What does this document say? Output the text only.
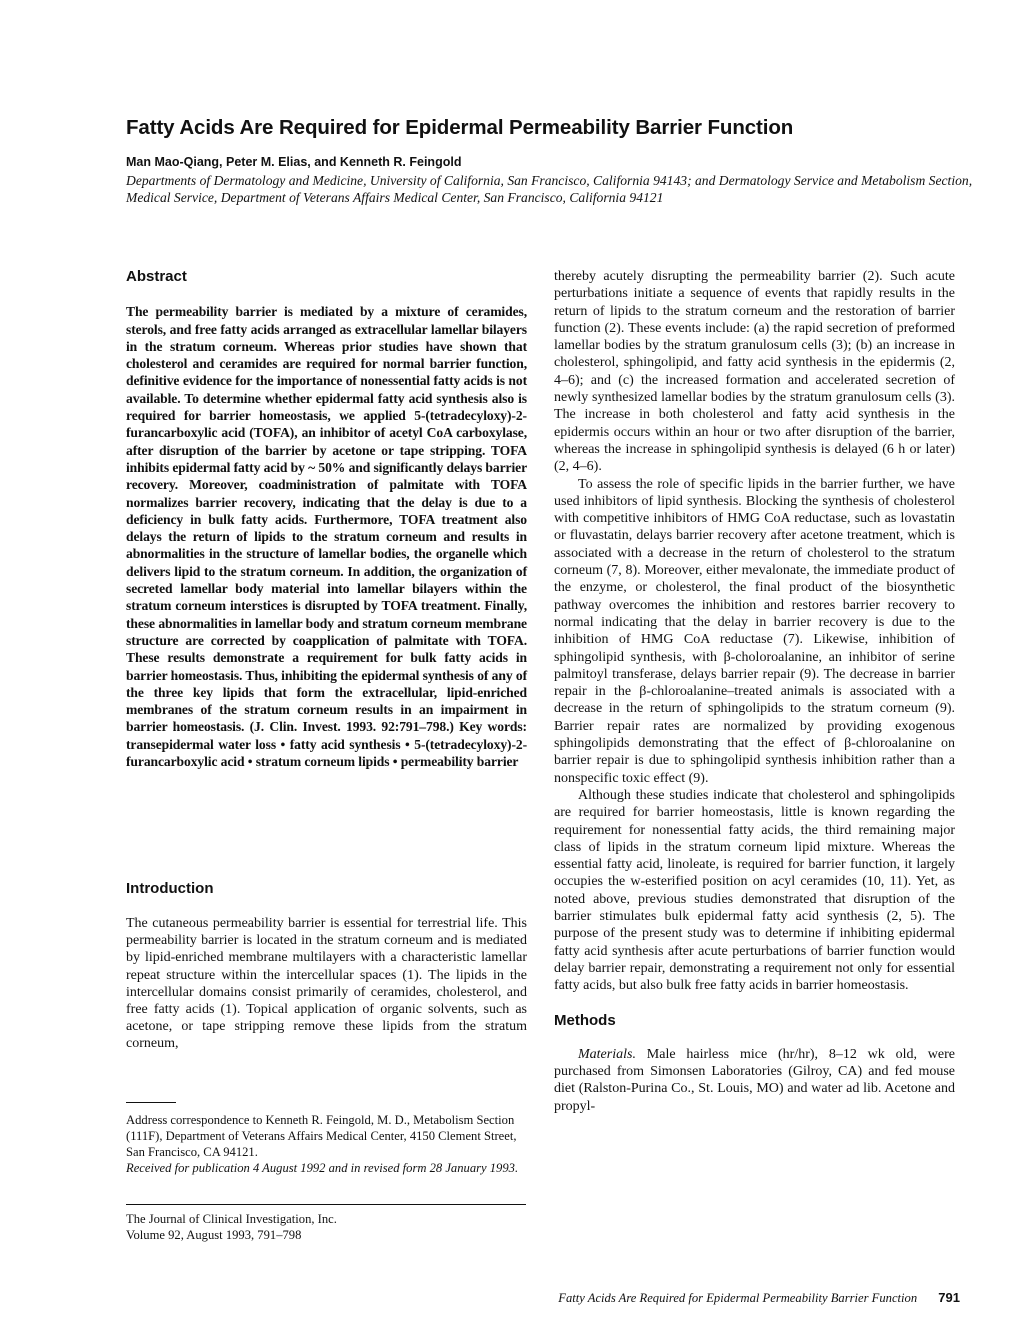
Fatty Acids Are Required for Epidermal Permeability Barrier Function
Man Mao-Qiang, Peter M. Elias, and Kenneth R. Feingold
Departments of Dermatology and Medicine, University of California, San Francisco, California 94143; and Dermatology Service and Metabolism Section, Medical Service, Department of Veterans Affairs Medical Center, San Francisco, California 94121
Abstract

The permeability barrier is mediated by a mixture of ceramides, sterols, and free fatty acids arranged as extracellular lamellar bilayers in the stratum corneum. Whereas prior studies have shown that cholesterol and ceramides are required for normal barrier function, definitive evidence for the importance of nonessential fatty acids is not available. To determine whether epidermal fatty acid synthesis also is required for barrier homeostasis, we applied 5-(tetradecyloxy)-2-furancarboxylic acid (TOFA), an inhibitor of acetyl CoA carboxylase, after disruption of the barrier by acetone or tape stripping. TOFA inhibits epidermal fatty acid by ~ 50% and significantly delays barrier recovery. Moreover, coadministration of palmitate with TOFA normalizes barrier recovery, indicating that the delay is due to a deficiency in bulk fatty acids. Furthermore, TOFA treatment also delays the return of lipids to the stratum corneum and results in abnormalities in the structure of lamellar bodies, the organelle which delivers lipid to the stratum corneum. In addition, the organization of secreted lamellar body material into lamellar bilayers within the stratum corneum interstices is disrupted by TOFA treatment. Finally, these abnormalities in lamellar body and stratum corneum membrane structure are corrected by coapplication of palmitate with TOFA. These results demonstrate a requirement for bulk fatty acids in barrier homeostasis. Thus, inhibiting the epidermal synthesis of any of the three key lipids that form the extracellular, lipid-enriched membranes of the stratum corneum results in an impairment in barrier homeostasis. (J. Clin. Invest. 1993. 92:791–798.) Key words: transepidermal water loss • fatty acid synthesis • 5-(tetradecyloxy)-2-furancarboxylic acid • stratum corneum lipids • permeability barrier

Introduction

The cutaneous permeability barrier is essential for terrestrial life. This permeability barrier is located in the stratum corneum and is mediated by lipid-enriched membrane multilayers with a characteristic lamellar repeat structure within the intercellular spaces (1). The lipids in the intercellular domains consist primarily of ceramides, cholesterol, and free fatty acids (1). Topical application of organic solvents, such as acetone, or tape stripping remove these lipids from the stratum corneum,

Address correspondence to Kenneth R. Feingold, M. D., Metabolism Section (111F), Department of Veterans Affairs Medical Center, 4150 Clement Street, San Francisco, CA 94121.

Received for publication 4 August 1992 and in revised form 28 January 1993.

The Journal of Clinical Investigation, Inc.

Volume 92, August 1993, 791–798

thereby acutely disrupting the permeability barrier (2). Such acute perturbations initiate a sequence of events that rapidly results in the return of lipids to the stratum corneum and the restoration of barrier function (2). These events include: (a) the rapid secretion of preformed lamellar bodies by the stratum granulosum cells (3); (b) an increase in cholesterol, sphingolipid, and fatty acid synthesis in the epidermis (2, 4–6); and (c) the increased formation and accelerated secretion of newly synthesized lamellar bodies by the stratum granulosum cells (3). The increase in both cholesterol and fatty acid synthesis in the epidermis occurs within an hour or two after disruption of the barrier, whereas the increase in sphingolipid synthesis is delayed (6 h or later) (2, 4–6).

To assess the role of specific lipids in the barrier further, we have used inhibitors of lipid synthesis. Blocking the synthesis of cholesterol with competitive inhibitors of HMG CoA reductase, such as lovastatin or fluvastatin, delays barrier recovery after acetone treatment, which is associated with a decrease in the return of cholesterol to the stratum corneum (7, 8). Moreover, either mevalonate, the immediate product of the enzyme, or cholesterol, the final product of the biosynthetic pathway overcomes the inhibition and restores barrier recovery to normal indicating that the delay in barrier recovery is due to the inhibition of HMG CoA reductase (7). Likewise, inhibition of sphingolipid synthesis, with β-choloroalanine, an inhibitor of serine palmitoyl transferase, delays barrier repair (9). The decrease in barrier repair in the β-chloroalanine–treated animals is associated with a decrease in the return of sphingolipids to the stratum corneum (9). Barrier repair rates are normalized by providing exogenous sphingolipids demonstrating that the effect of β-chloroalanine on barrier repair is due to sphingolipid synthesis inhibition rather than a nonspecific toxic effect (9).

Although these studies indicate that cholesterol and sphingolipids are required for barrier homeostasis, little is known regarding the requirement for nonessential fatty acids, the third remaining major class of lipids in the stratum corneum lipid mixture. Whereas the essential fatty acid, linoleate, is required for barrier function, it largely occupies the w-esterified position on acyl ceramides (10, 11). Yet, as noted above, previous studies demonstrated that disruption of the barrier stimulates bulk epidermal fatty acid synthesis (2, 5). The purpose of the present study was to determine if inhibiting epidermal fatty acid synthesis after acute perturbations of barrier function would delay barrier repair, demonstrating a requirement not only for essential fatty acids, but also bulk free fatty acids in barrier homeostasis.

Methods

Materials. Male hairless mice (hr/hr), 8–12 wk old, were purchased from Simonsen Laboratories (Gilroy, CA) and fed mouse diet (Ralston-Purina Co., St. Louis, MO) and water ad lib. Acetone and propyl-

Fatty Acids Are Required for Epidermal Permeability Barrier Function 791
